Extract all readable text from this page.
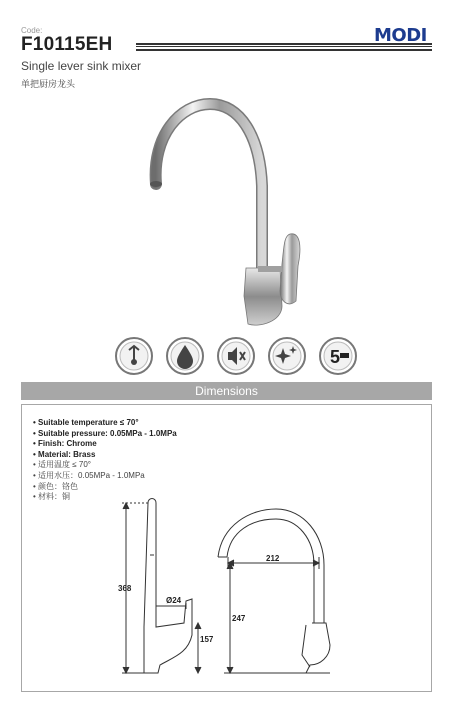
Code:
F10115EH	MODI
Single lever sink mixer
单把厨房龙头
5
Dimensions
• Suitable temperature ≤ 70°
• Suitable pressure: 0.05MPa - 1.0MPa
• Finish: Chrome
• Material: Brass
• 适用温度 ≤ 70°
• 适用水压：0.05MPa - 1.0MPa
• 颜色：铬色
• 材料：铜
368
Ø24
157
212
247
